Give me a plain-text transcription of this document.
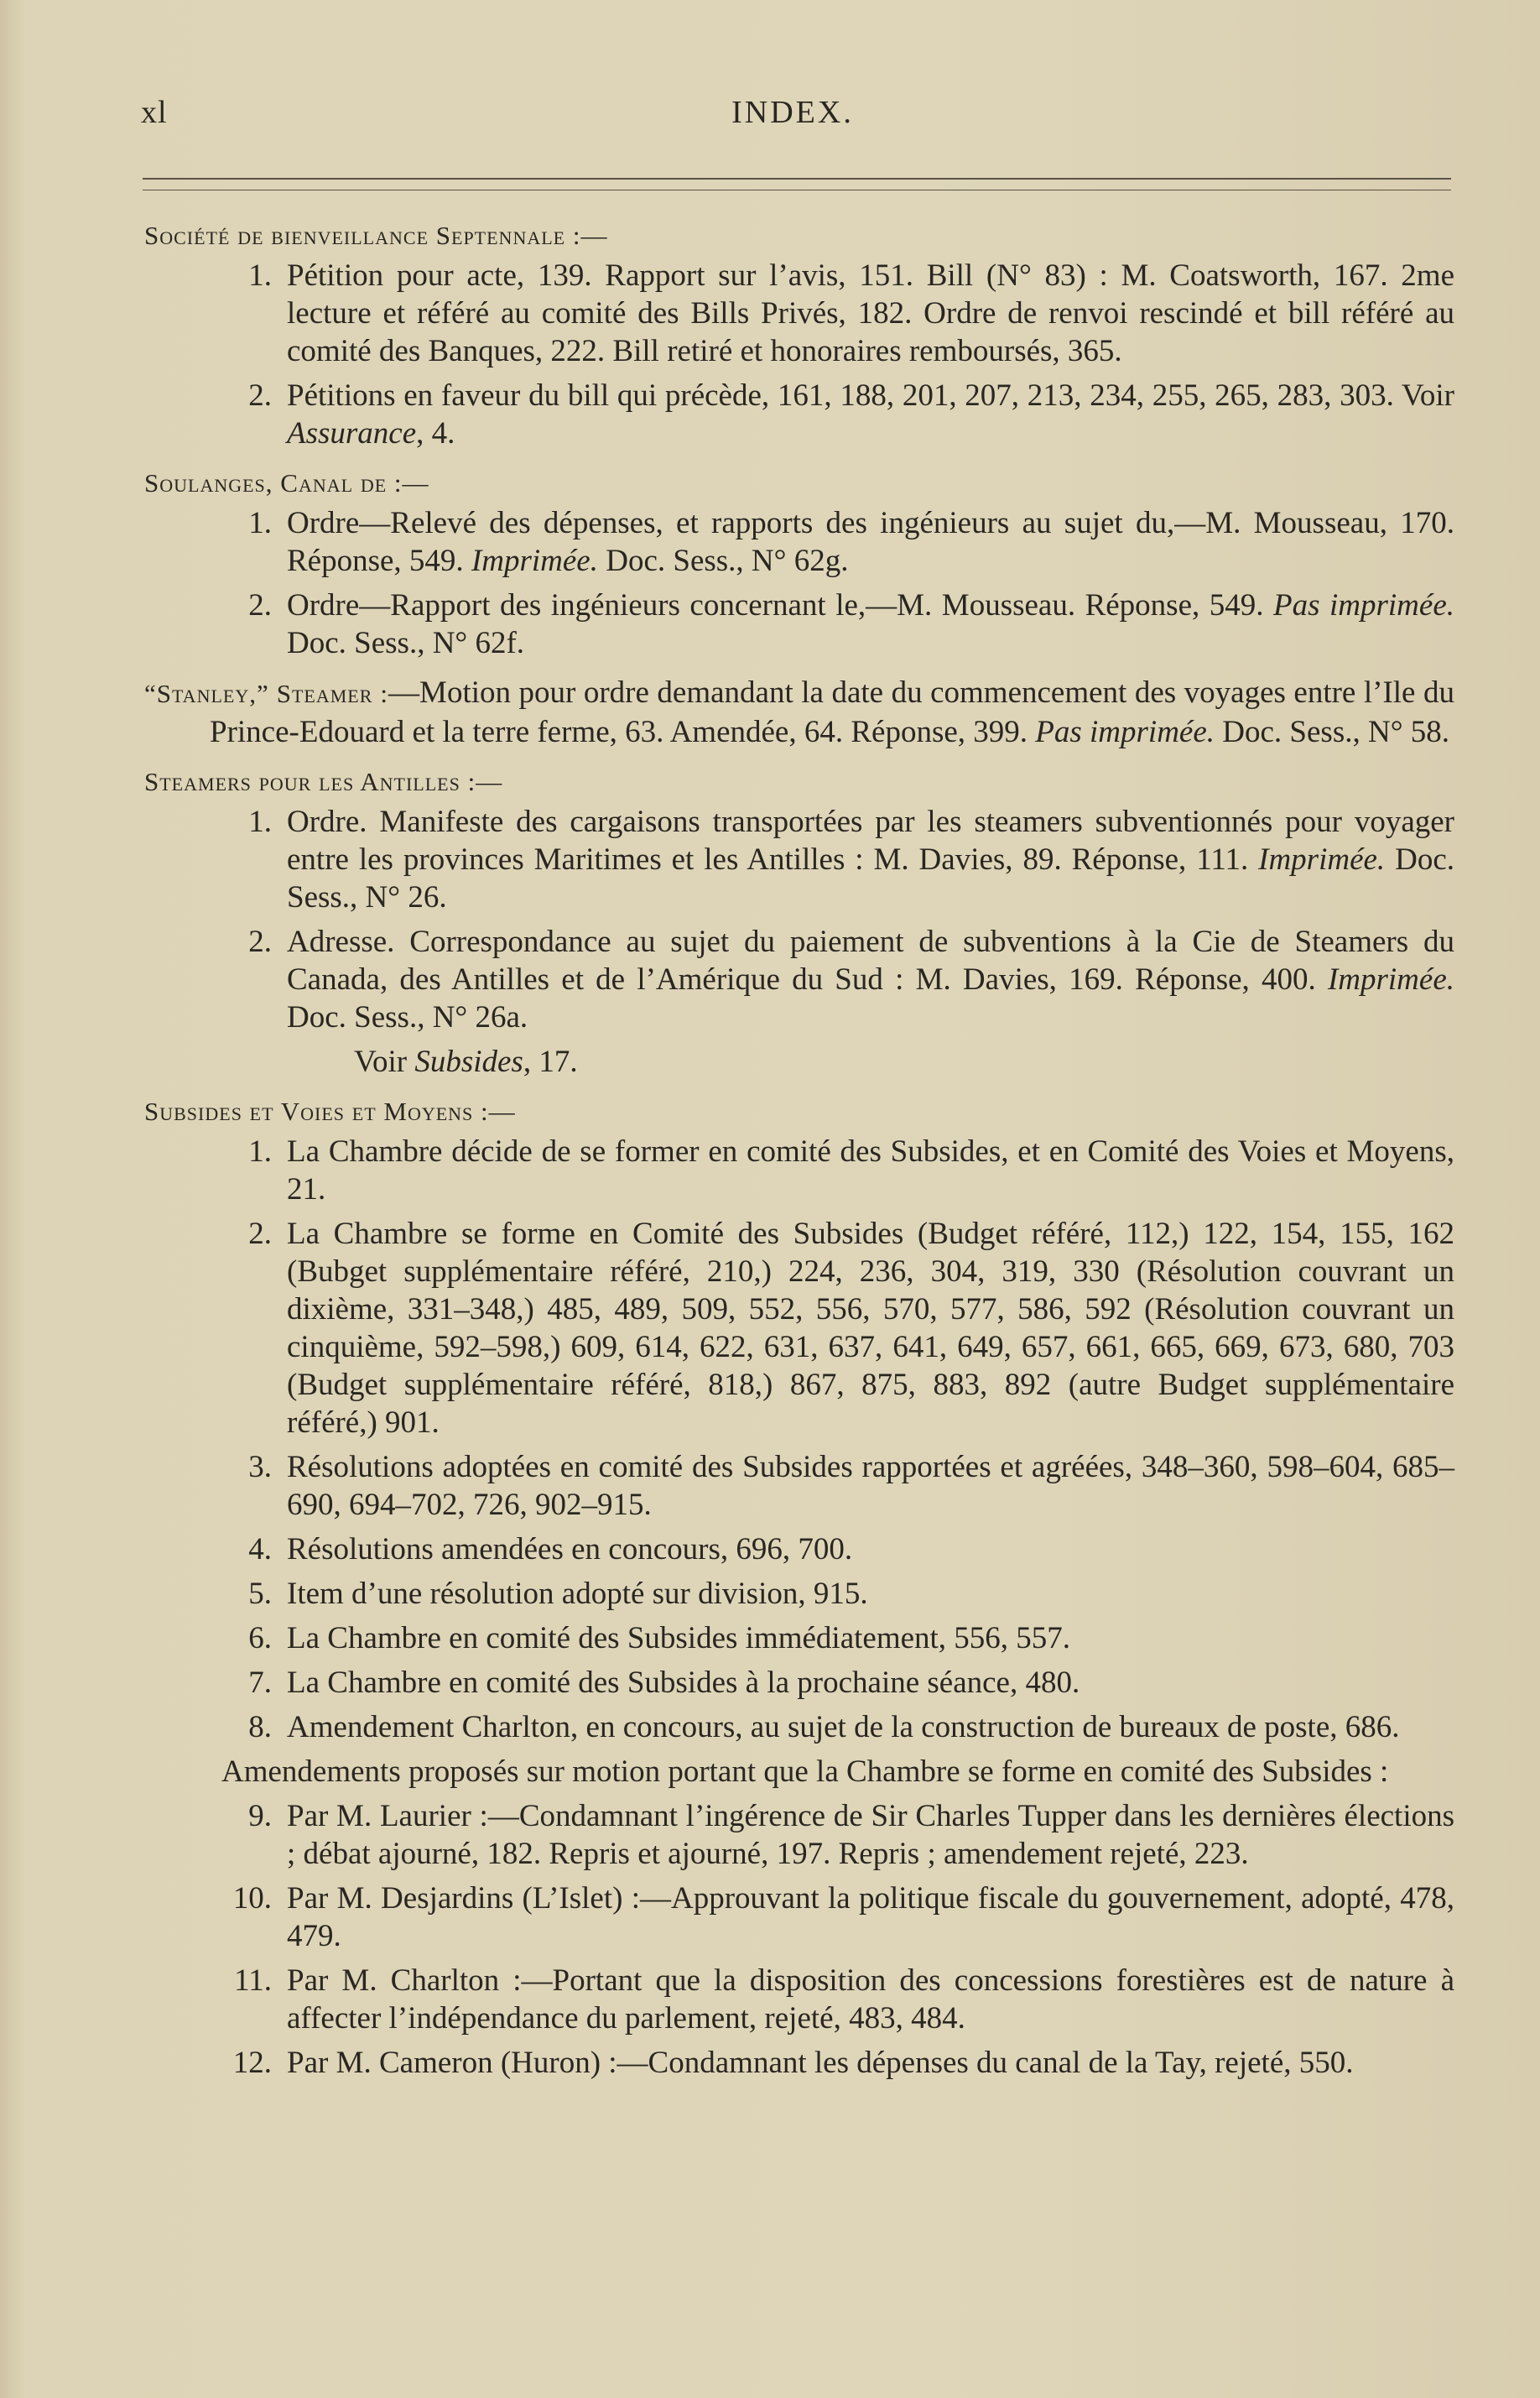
xl	INDEX.
Société de bienveillance Septennale :—
1. Pétition pour acte, 139. Rapport sur l’avis, 151. Bill (N° 83) : M. Coatsworth, 167. 2me lecture et référé au comité des Bills Privés, 182. Ordre de renvoi rescindé et bill référé au comité des Banques, 222. Bill retiré et honoraires remboursés, 365.
2. Pétitions en faveur du bill qui précède, 161, 188, 201, 207, 213, 234, 255, 265, 283, 303. Voir Assurance, 4.
Soulanges, Canal de :—
1. Ordre—Relevé des dépenses, et rapports des ingénieurs au sujet du,—M. Mousseau, 170. Réponse, 549. Imprimée. Doc. Sess., N° 62g.
2. Ordre—Rapport des ingénieurs concernant le,—M. Mousseau. Réponse, 549. Pas imprimée. Doc. Sess., N° 62f.
“Stanley,” Steamer :—Motion pour ordre demandant la date du commencement des voyages entre l’Ile du Prince-Edouard et la terre ferme, 63. Amendée, 64. Réponse, 399. Pas imprimée. Doc. Sess., N° 58.
Steamers pour les Antilles :—
1. Ordre. Manifeste des cargaisons transportées par les steamers subventionnés pour voyager entre les provinces Maritimes et les Antilles : M. Davies, 89. Réponse, 111. Imprimée. Doc. Sess., N° 26.
2. Adresse. Correspondance au sujet du paiement de subventions à la Cie de Steamers du Canada, des Antilles et de l’Amérique du Sud : M. Davies, 169. Réponse, 400. Imprimée. Doc. Sess., N° 26a.
Voir Subsides, 17.
Subsides et Voies et Moyens :—
1. La Chambre décide de se former en comité des Subsides, et en Comité des Voies et Moyens, 21.
2. La Chambre se forme en Comité des Subsides (Budget référé, 112,) 122, 154, 155, 162 (Bubget supplémentaire référé, 210,) 224, 236, 304, 319, 330 (Résolution couvrant un dixième, 331–348,) 485, 489, 509, 552, 556, 570, 577, 586, 592 (Résolution couvrant un cinquième, 592–598,) 609, 614, 622, 631, 637, 641, 649, 657, 661, 665, 669, 673, 680, 703 (Budget supplémentaire référé, 818,) 867, 875, 883, 892 (autre Budget supplémentaire référé,) 901.
3. Résolutions adoptées en comité des Subsides rapportées et agréées, 348–360, 598–604, 685–690, 694–702, 726, 902–915.
4. Résolutions amendées en concours, 696, 700.
5. Item d’une résolution adopté sur division, 915.
6. La Chambre en comité des Subsides immédiatement, 556, 557.
7. La Chambre en comité des Subsides à la prochaine séance, 480.
8. Amendement Charlton, en concours, au sujet de la construction de bureaux de poste, 686.
Amendements proposés sur motion portant que la Chambre se forme en comité des Subsides :
9. Par M. Laurier :—Condamnant l’ingérence de Sir Charles Tupper dans les dernières élections ; débat ajourné, 182. Repris et ajourné, 197. Repris ; amendement rejeté, 223.
10. Par M. Desjardins (L’Islet) :—Approuvant la politique fiscale du gouvernement, adopté, 478, 479.
11. Par M. Charlton :—Portant que la disposition des concessions forestières est de nature à affecter l’indépendance du parlement, rejeté, 483, 484.
12. Par M. Cameron (Huron) :—Condamnant les dépenses du canal de la Tay, rejeté, 550.
